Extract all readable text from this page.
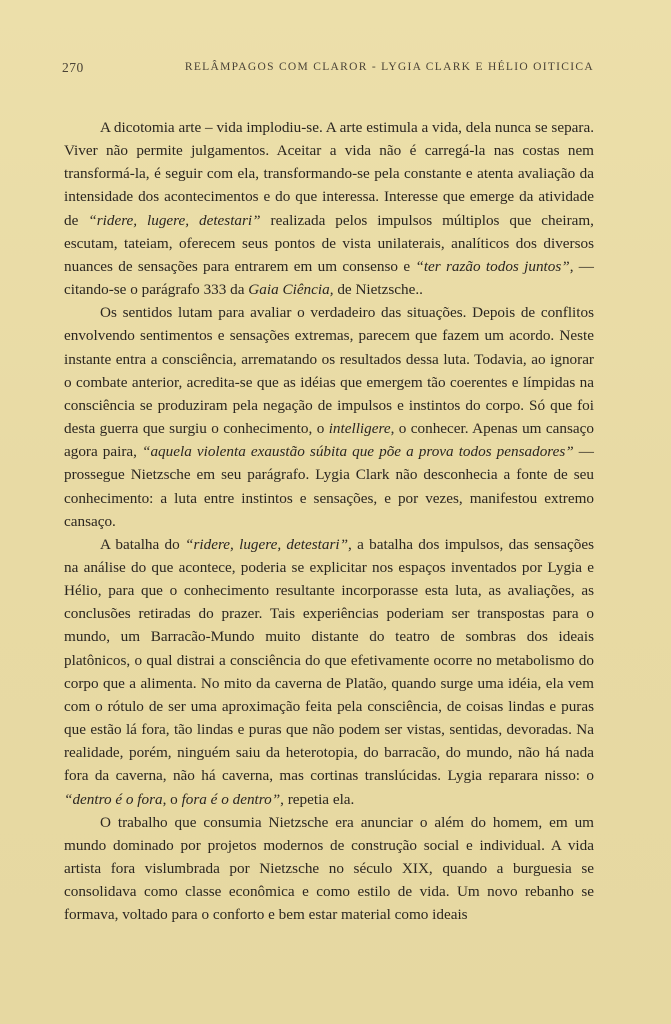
270	RELÂMPAGOS COM CLAROR - LYGIA CLARK E HÉLIO OITICICA

A dicotomia arte – vida implodiu-se. A arte estimula a vida, dela nunca se separa. Viver não permite julgamentos. Aceitar a vida não é carregá-la nas costas nem transformá-la, é seguir com ela, transformando-se pela constante e atenta avaliação da intensidade dos acontecimentos e do que interessa. Interesse que emerge da atividade de “ridere, lugere, detestari” realizada pelos impulsos múltiplos que cheiram, escutam, tateiam, oferecem seus pontos de vista unilaterais, analíticos dos diversos nuances de sensações para entrarem em um consenso e “ter razão todos juntos”, — citando-se o parágrafo 333 da Gaia Ciência, de Nietzsche..

Os sentidos lutam para avaliar o verdadeiro das situações. Depois de conflitos envolvendo sentimentos e sensações extremas, parecem que fazem um acordo. Neste instante entra a consciência, arrematando os resultados dessa luta. Todavia, ao ignorar o combate anterior, acredita-se que as idéias que emergem tão coerentes e límpidas na consciência se produziram pela negação de impulsos e instintos do corpo. Só que foi desta guerra que surgiu o conhecimento, o intelligere, o conhecer. Apenas um cansaço agora paira, “aquela violenta exaustão súbita que põe a prova todos pensadores” — prossegue Nietzsche em seu parágrafo. Lygia Clark não desconhecia a fonte de seu conhecimento: a luta entre instintos e sensações, e por vezes, manifestou extremo cansaço.

A batalha do “ridere, lugere, detestari”, a batalha dos impulsos, das sensações na análise do que acontece, poderia se explicitar nos espaços inventados por Lygia e Hélio, para que o conhecimento resultante incorporasse esta luta, as avaliações, as conclusões retiradas do prazer. Tais experiências poderiam ser transpostas para o mundo, um Barracão-Mundo muito distante do teatro de sombras dos ideais platônicos, o qual distrai a consciência do que efetivamente ocorre no metabolismo do corpo que a alimenta. No mito da caverna de Platão, quando surge uma idéia, ela vem com o rótulo de ser uma aproximação feita pela consciência, de coisas lindas e puras que estão lá fora, tão lindas e puras que não podem ser vistas, sentidas, devoradas. Na realidade, porém, ninguém saiu da heterotopia, do barracão, do mundo, não há nada fora da caverna, não há caverna, mas cortinas translúcidas. Lygia reparara nisso: o “dentro é o fora, o fora é o dentro”, repetia ela.

O trabalho que consumia Nietzsche era anunciar o além do homem, em um mundo dominado por projetos modernos de construção social e individual. A vida artista fora vislumbrada por Nietzsche no século XIX, quando a burguesia se consolidava como classe econômica e como estilo de vida. Um novo rebanho se formava, voltado para o conforto e bem estar material como ideais
